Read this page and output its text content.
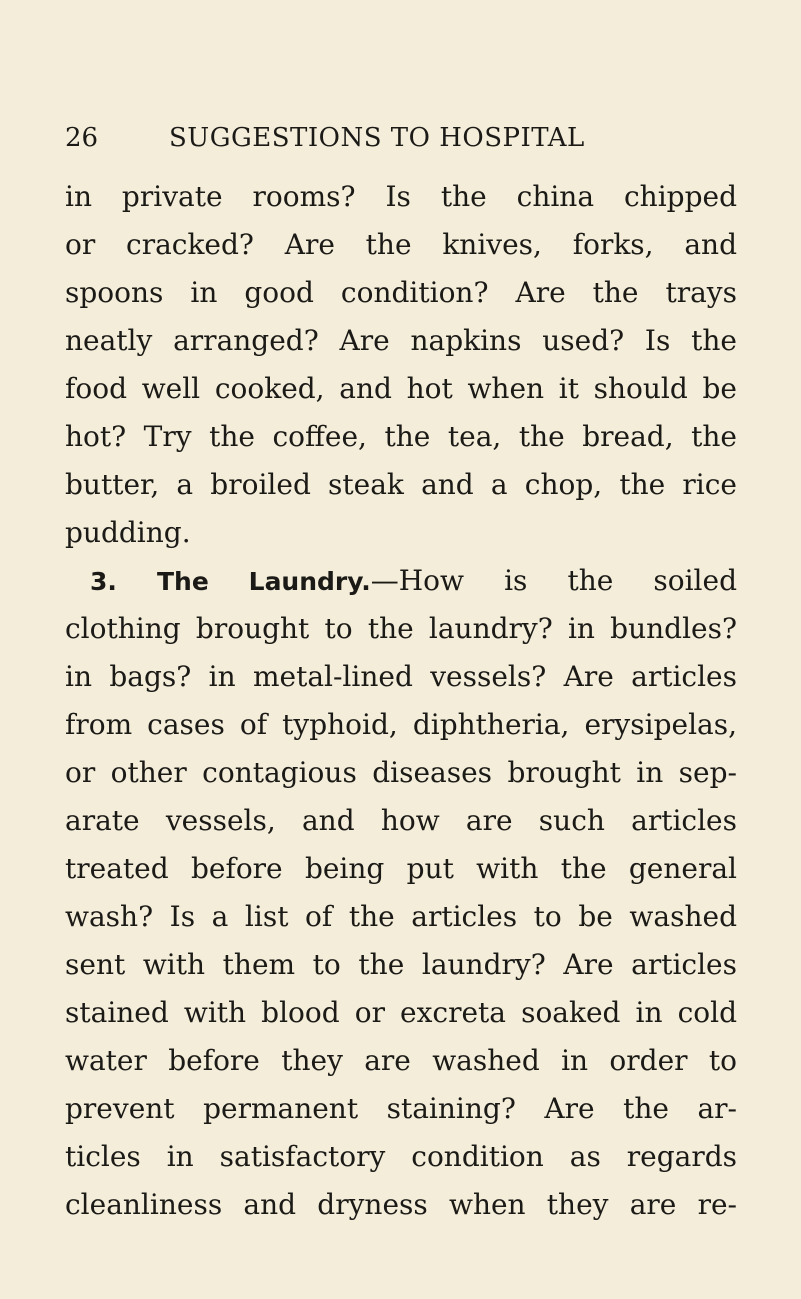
26	SUGGESTIONS TO HOSPITAL
in private rooms? Is the china chipped
or cracked? Are the knives, forks, and
spoons in good condition? Are the trays
neatly arranged? Are napkins used? Is the
food well cooked, and hot when it should be
hot? Try the coffee, the tea, the bread, the
butter, a broiled steak and a chop, the rice
pudding.
3. The Laundry.—How is the soiled
clothing brought to the laundry? in bundles?
in bags? in metal-lined vessels? Are articles
from cases of typhoid, diphtheria, erysipelas,
or other contagious diseases brought in sep-
arate vessels, and how are such articles
treated before being put with the general
wash? Is a list of the articles to be washed
sent with them to the laundry? Are articles
stained with blood or excreta soaked in cold
water before they are washed in order to
prevent permanent staining? Are the ar-
ticles in satisfactory condition as regards
cleanliness and dryness when they are re-
